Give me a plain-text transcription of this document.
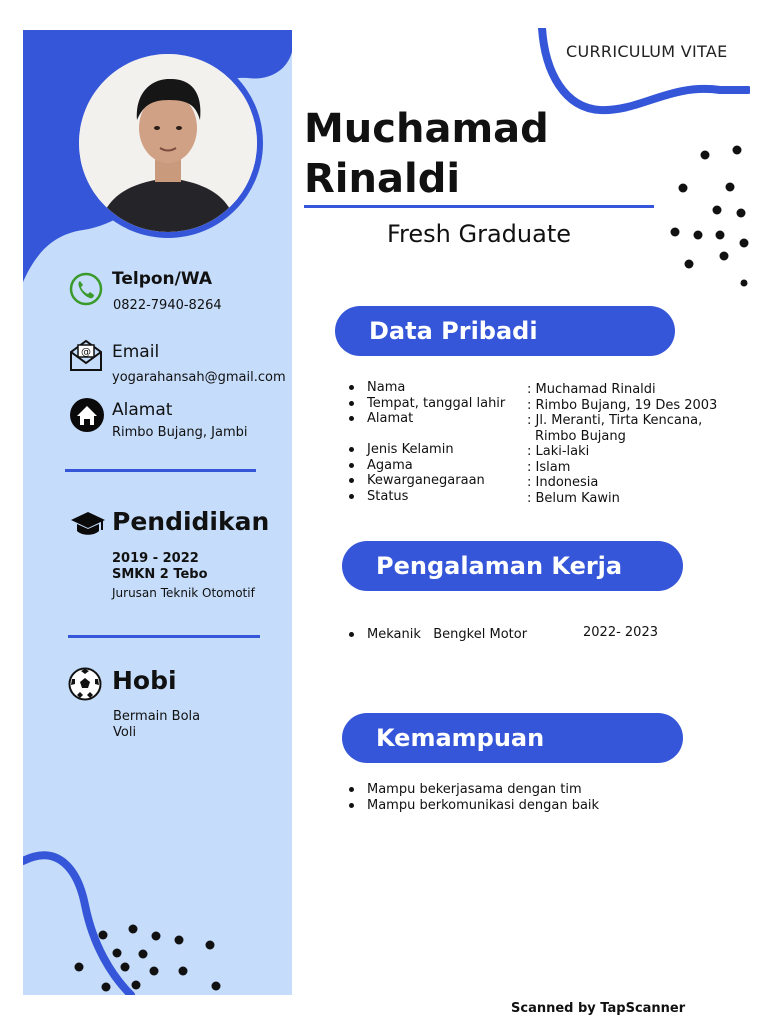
Telpon/WA
0822-7940-8264
@ Email
yogarahansah@gmail.com
Alamat
Rimbo Bujang, Jambi
Pendidikan
2019 - 2022
SMKN 2 Tebo
Jurusan Teknik Otomotif
Hobi
Bermain Bola
Voli
CURRICULUM VITAE
Muchamad
Rinaldi
Fresh Graduate
Data Pribadi
Nama
Tempat, tanggal lahir
Alamat
Jenis Kelamin
Agama
Kewarganegaraan
Status
: Muchamad Rinaldi
: Rimbo Bujang, 19 Des 2003
: Jl. Meranti, Tirta Kencana,
Rimbo Bujang
: Laki-laki
: Islam
: Indonesia
: Belum Kawin
Pengalaman Kerja
Mekanik   Bengkel Motor	2022- 2023
Kemampuan
Mampu bekerjasama dengan tim
Mampu berkomunikasi dengan baik
Scanned by TapScanner
